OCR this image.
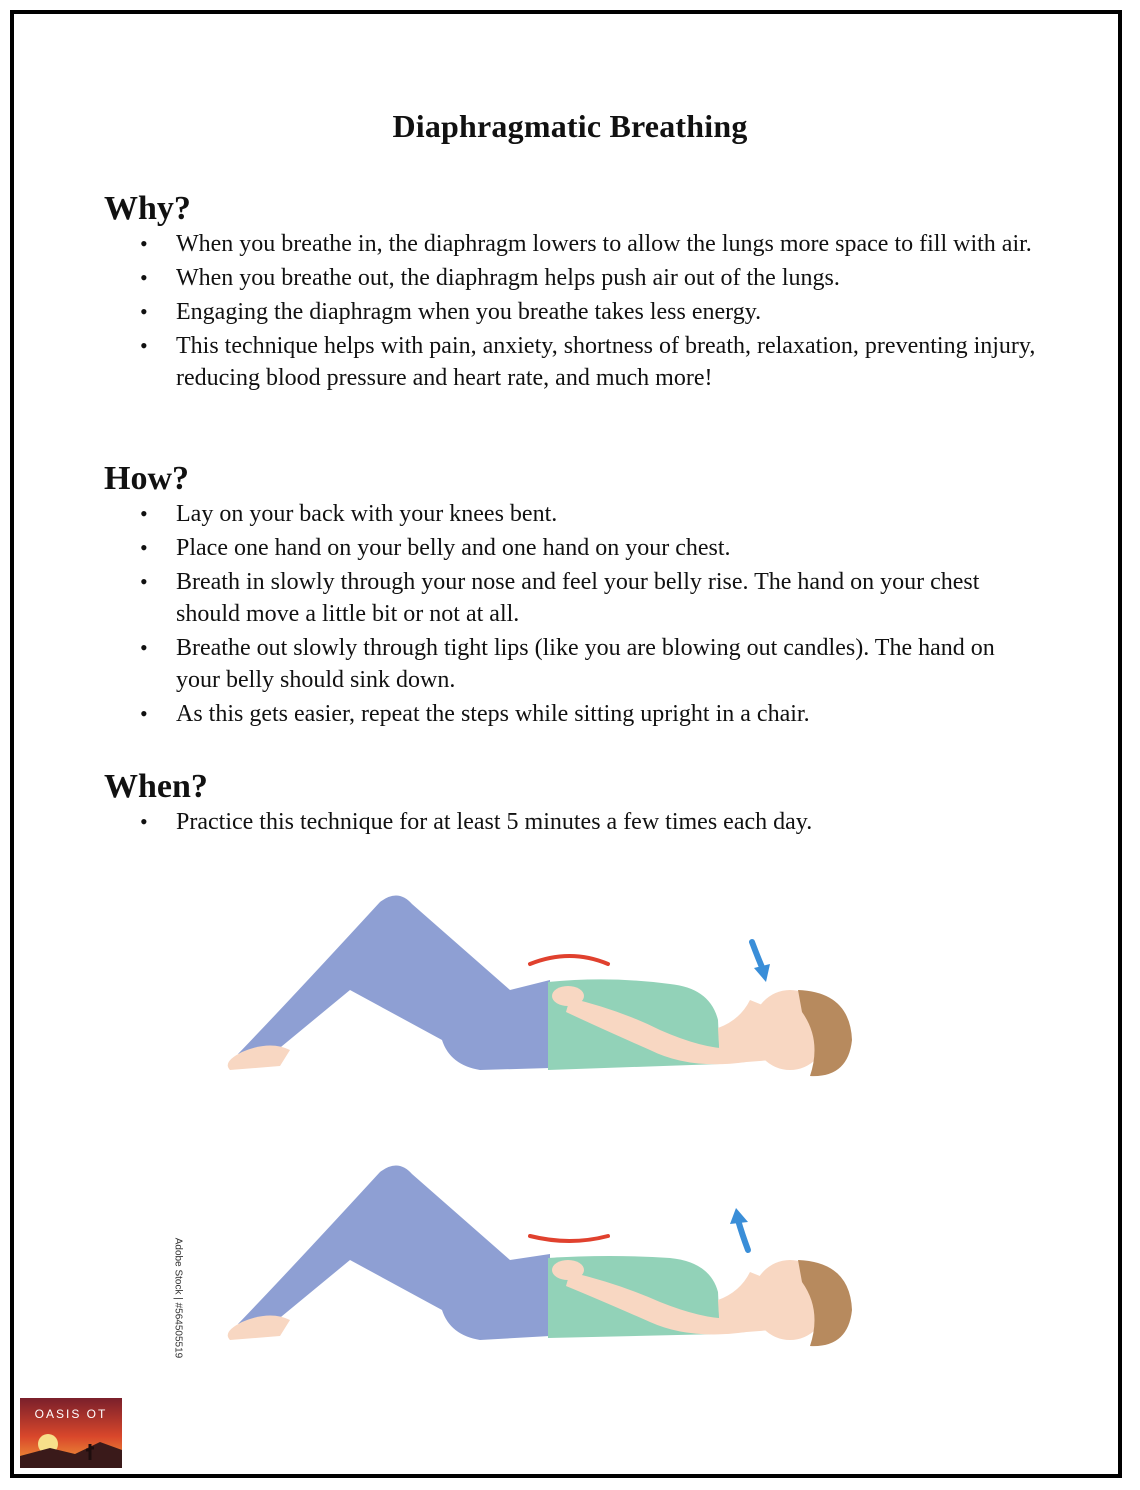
Diaphragmatic Breathing
Why?
• When you breathe in, the diaphragm lowers to allow the lungs more space to fill with air.
• When you breathe out, the diaphragm helps push air out of the lungs.
• Engaging the diaphragm when you breathe takes less energy.
• This technique helps with pain, anxiety, shortness of breath, relaxation, preventing injury, reducing blood pressure and heart rate, and much more!
How?
• Lay on your back with your knees bent.
• Place one hand on your belly and one hand on your chest.
• Breath in slowly through your nose and feel your belly rise. The hand on your chest should move a little bit or not at all.
• Breathe out slowly through tight lips (like you are blowing out candles). The hand on your belly should sink down.
• As this gets easier, repeat the steps while sitting upright in a chair.
When?
• Practice this technique for at least 5 minutes a few times each day.
Adobe Stock | #564505519
OASIS OT
